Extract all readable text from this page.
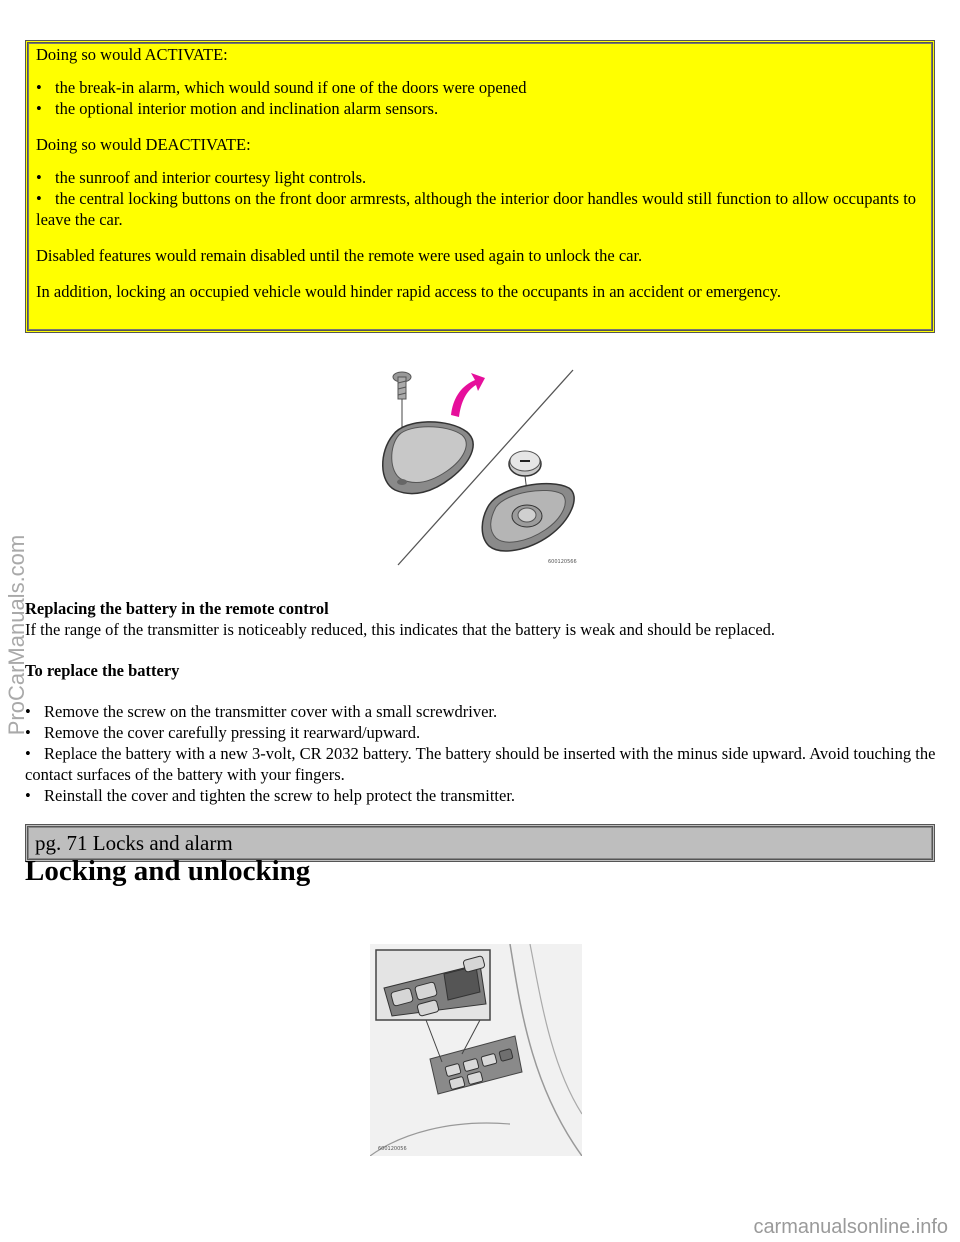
Doing so would ACTIVATE:

• the break-in alarm, which would sound if one of the doors were opened
• the optional interior motion and inclination alarm sensors.

Doing so would DEACTIVATE:

• the sunroof and interior courtesy light controls.
• the central locking buttons on the front door armrests, although the interior door handles would still function to allow occupants to leave the car.

Disabled features would remain disabled until the remote were used again to unlock the car.

In addition, locking an occupied vehicle would hinder rapid access to the occupants in an accident or emergency.

600120566

Replacing the battery in the remote control

If the range of the transmitter is noticeably reduced, this indicates that the battery is weak and should be replaced.

To replace the battery

• Remove the screw on the transmitter cover with a small screwdriver.
• Remove the cover carefully pressing it rearward/upward.
• Replace the battery with a new 3-volt, CR 2032 battery. The battery should be inserted with the minus side upward. Avoid touching the contact surfaces of the battery with your fingers.
• Reinstall the cover and tighten the screw to help protect the transmitter.
pg. 71 Locks and alarm
Locking and unlocking
600120056
ProCarManuals.com
carmanualsonline.info
